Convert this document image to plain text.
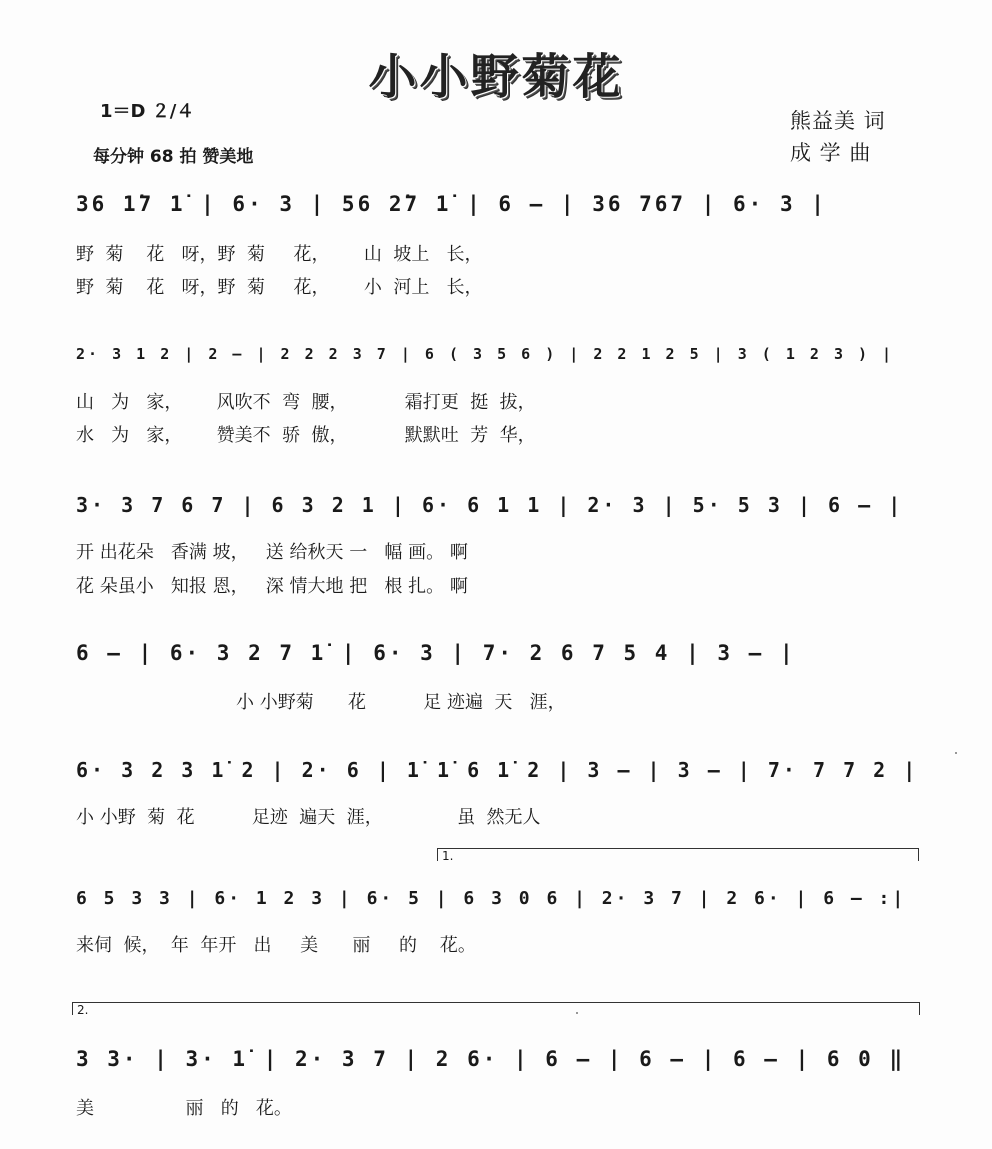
小小野菊花
1＝D ２/４
每分钟 68 拍 赞美地
熊益美 词
成 学 曲
36 1̇7 1̇ | 6· 3 | 56 2̇7 1̇ | 6 — | 36 767 | 6· 3 |
野  菊    花   呀，野  菊     花，      山  坡上   长，
野  菊    花   呀，野  菊     花，      小  河上   长，
2· 3 1 2 | 2 — | 2 2 2 3 7 | 6 ( 3 5 6 ) | 2 2 1 2 5 | 3 ( 1 2 3 ) |
山   为   家，      风吹不  弯  腰，          霜打更  挺  拔，
水   为   家，      赞美不  骄  傲，          默默吐  芳  华，
3· 3 7 6 7 | 6 3 2 1 | 6· 6 1 1 | 2· 3 | 5· 5 3 | 6 — |
开 出花朵   香满 坡，   送 给秋天 一   幅 画。 啊
花 朵虽小   知报 恩，   深 情大地 把   根 扎。 啊
6 — | 6· 3 2 7 1̇ | 6· 3 | 7· 2 6 7 5 4 | 3 — |
小 小野菊      花          足 迹遍  天   涯，
6· 3 2 3 1̇ 2 | 2· 6 | 1̇ 1̇ 6 1̇ 2 | 3 — | 3 — | 7· 7 7 2 |
小 小野  菊  花          足迹  遍天  涯，             虽  然无人
1.
6 5 3 3 | 6· 1 2 3 | 6· 5 | 6 3 0 6 | 2· 3 7 | 2 6· | 6 — :|
来伺  候，  年  年开   出     美      丽     的    花。
2.
3 3· | 3· 1̇ | 2· 3 7 | 2 6· | 6 — | 6 — | 6 — | 6 0 ‖
美                丽   的   花。
